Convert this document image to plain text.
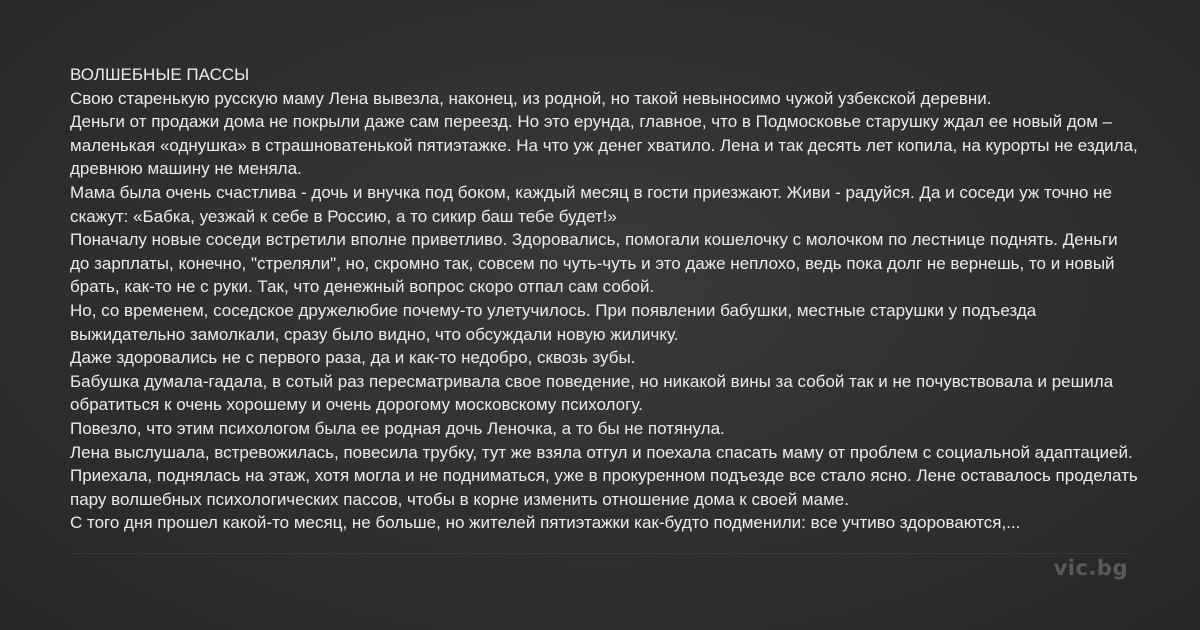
ВОЛШЕБНЫЕ ПАССЫ

Свою старенькую русскую маму Лена вывезла, наконец, из родной, но такой невыносимо чужой узбекской деревни.

Деньги от продажи дома не покрыли даже сам переезд. Но это ерунда, главное, что в Подмосковье старушку ждал ее новый дом – маленькая «однушка» в страшноватенькой пятиэтажке. На что уж денег хватило. Лена и так десять лет копила, на курорты не ездила, древнюю машину не меняла.

Мама была очень счастлива - дочь и внучка под боком, каждый месяц в гости приезжают. Живи - радуйся. Да и соседи уж точно не скажут: «Бабка, уезжай к себе в Россию, а то сикир баш тебе будет!»

Поначалу новые соседи встретили вполне приветливо. Здоровались, помогали кошелочку с молочком по лестнице поднять. Деньги до зарплаты, конечно, "стреляли", но, скромно так, совсем по чуть-чуть и это даже неплохо, ведь пока долг не вернешь, то и новый брать, как-то не с руки. Так, что денежный вопрос скоро отпал сам собой.

Но, со временем, соседское дружелюбие почему-то улетучилось. При появлении бабушки, местные старушки у подъезда выжидательно замолкали, сразу было видно, что обсуждали новую жиличку.

Даже здоровались не с первого раза, да и как-то недобро, сквозь зубы.

Бабушка думала-гадала, в сотый раз пересматривала свое поведение, но никакой вины за собой так и не почувствовала и решила обратиться к очень хорошему и очень дорогому московскому психологу.

Повезло, что этим психологом была ее родная дочь Леночка, а то бы не потянула.

Лена выслушала, встревожилась, повесила трубку, тут же взяла отгул и поехала спасать маму от проблем с социальной адаптацией.

Приехала, поднялась на этаж, хотя могла и не подниматься, уже в прокуренном подъезде все стало ясно. Лене оставалось проделать пару волшебных психологических пассов, чтобы в корне изменить отношение дома к своей маме.

С того дня прошел какой-то месяц, не больше, но жителей пятиэтажки как-будто подменили: все учтиво здороваются,...

vic.bg
